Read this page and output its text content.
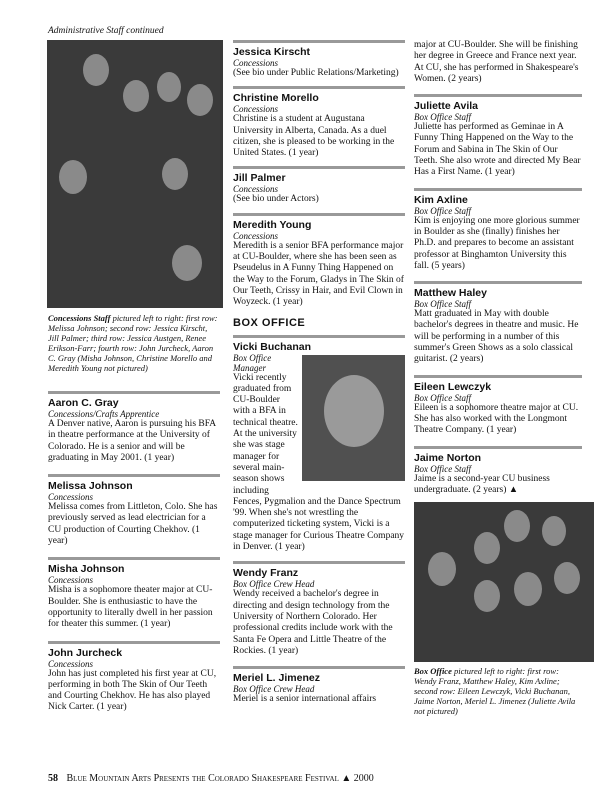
Administrative Staff continued
Concessions Staff pictured left to right: first row: Melissa Johnson; second row: Jessica Kirscht, Jill Palmer; third row: Jessica Austgen, Renee Erikson-Farr; fourth row: John Jurcheck, Aaron C. Gray (Misha Johnson, Christine Morello and Meredith Young not pictured)
Aaron C. Gray
Concessions/Crafts Apprentice
A Denver native, Aaron is pursuing his BFA in theatre performance at the University of Colorado. He is a senior and will be graduating in May 2001. (1 year)
Melissa Johnson
Concessions
Melissa comes from Littleton, Colo. She has previously served as lead electrician for a CU production of Courting Chekhov. (1 year)
Misha Johnson
Concessions
Misha is a sophomore theater major at CU-Boulder. She is enthusiastic to have the opportunity to literally dwell in her passion for theater this summer. (1 year)
John Jurcheck
Concessions
John has just completed his first year at CU, performing in both The Skin of Our Teeth and Courting Chekhov. He has also played Nick Carter. (1 year)
Jessica Kirscht
Concessions
(See bio under Public Relations/Marketing)
Christine Morello
Concessions
Christine is a student at Augustana University in Alberta, Canada. As a duel citizen, she is pleased to be working in the United States. (1 year)
Jill Palmer
Concessions
(See bio under Actors)
Meredith Young
Concessions
Meredith is a senior BFA performance major at CU-Boulder, where she has been seen as Pseudelus in A Funny Thing Happened on the Way to the Forum, Gladys in The Skin of Our Teeth, Crissy in Hair, and Evil Clown in Woyzeck. (1 year)
BOX OFFICE
Vicki Buchanan
Box Office Manager
Vicki recently graduated from CU-Boulder with a BFA in technical theatre. At the university she was stage manager for several main-season shows including Fences, Pygmalion and the Dance Spectrum '99. When she's not wrestling the computerized ticketing system, Vicki is a stage manager for Curious Theatre Company in Denver. (1 year)
Wendy Franz
Box Office Crew Head
Wendy received a bachelor's degree in directing and design technology from the University of Northern Colorado. Her professional credits include work with the Santa Fe Opera and Little Theatre of the Rockies. (1 year)
Meriel L. Jimenez
Box Office Crew Head
Meriel is a senior international affairs
major at CU-Boulder. She will be finishing her degree in Greece and France next year. At CU, she has performed in Shakespeare's Women. (2 years)
Juliette Avila
Box Office Staff
Juliette has performed as Geminae in A Funny Thing Happened on the Way to the Forum and Sabina in The Skin of Our Teeth. She also wrote and directed My Bear Has a First Name. (1 year)
Kim Axline
Box Office Staff
Kim is enjoying one more glorious summer in Boulder as she (finally) finishes her Ph.D. and prepares to become an assistant professor at Binghamton University this fall. (5 years)
Matthew Haley
Box Office Staff
Matt graduated in May with double bachelor's degrees in theatre and music. He will be performing in a number of this summer's Green Shows as a solo classical guitarist. (2 years)
Eileen Lewczyk
Box Office Staff
Eileen is a sophomore theatre major at CU. She has also worked with the Longmont Theatre Company. (1 year)
Jaime Norton
Box Office Staff
Jaime is a second-year CU business undergraduate. (2 years) ▲
Box Office pictured left to right: first row: Wendy Franz, Matthew Haley, Kim Axline; second row: Eileen Lewczyk, Vicki Buchanan, Jaime Norton, Meriel L. Jimenez (Juliette Avila not pictured)
58 Blue Mountain Arts Presents the Colorado Shakespeare Festival ▲ 2000
